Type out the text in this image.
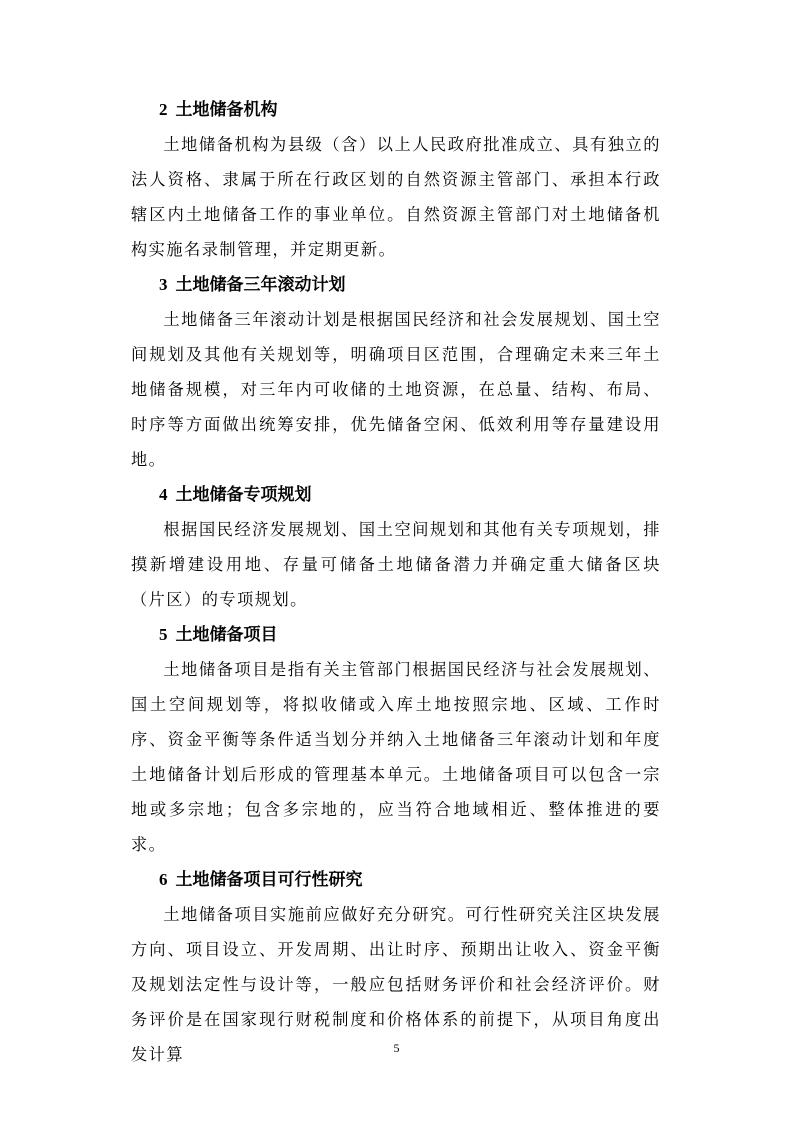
2 土地储备机构

土地储备机构为县级（含）以上人民政府批准成立、具有独立的法人资格、隶属于所在行政区划的自然资源主管部门、承担本行政辖区内土地储备工作的事业单位。自然资源主管部门对土地储备机构实施名录制管理，并定期更新。

3 土地储备三年滚动计划

土地储备三年滚动计划是根据国民经济和社会发展规划、国土空间规划及其他有关规划等，明确项目区范围，合理确定未来三年土地储备规模，对三年内可收储的土地资源，在总量、结构、布局、时序等方面做出统筹安排，优先储备空闲、低效利用等存量建设用地。

4 土地储备专项规划

根据国民经济发展规划、国土空间规划和其他有关专项规划，排摸新增建设用地、存量可储备土地储备潜力并确定重大储备区块（片区）的专项规划。

5 土地储备项目

土地储备项目是指有关主管部门根据国民经济与社会发展规划、国土空间规划等，将拟收储或入库土地按照宗地、区域、工作时序、资金平衡等条件适当划分并纳入土地储备三年滚动计划和年度土地储备计划后形成的管理基本单元。土地储备项目可以包含一宗地或多宗地；包含多宗地的，应当符合地域相近、整体推进的要求。

6 土地储备项目可行性研究

土地储备项目实施前应做好充分研究。可行性研究关注区块发展方向、项目设立、开发周期、出让时序、预期出让收入、资金平衡及规划法定性与设计等，一般应包括财务评价和社会经济评价。财务评价是在国家现行财税制度和价格体系的前提下，从项目角度出发计算	5
